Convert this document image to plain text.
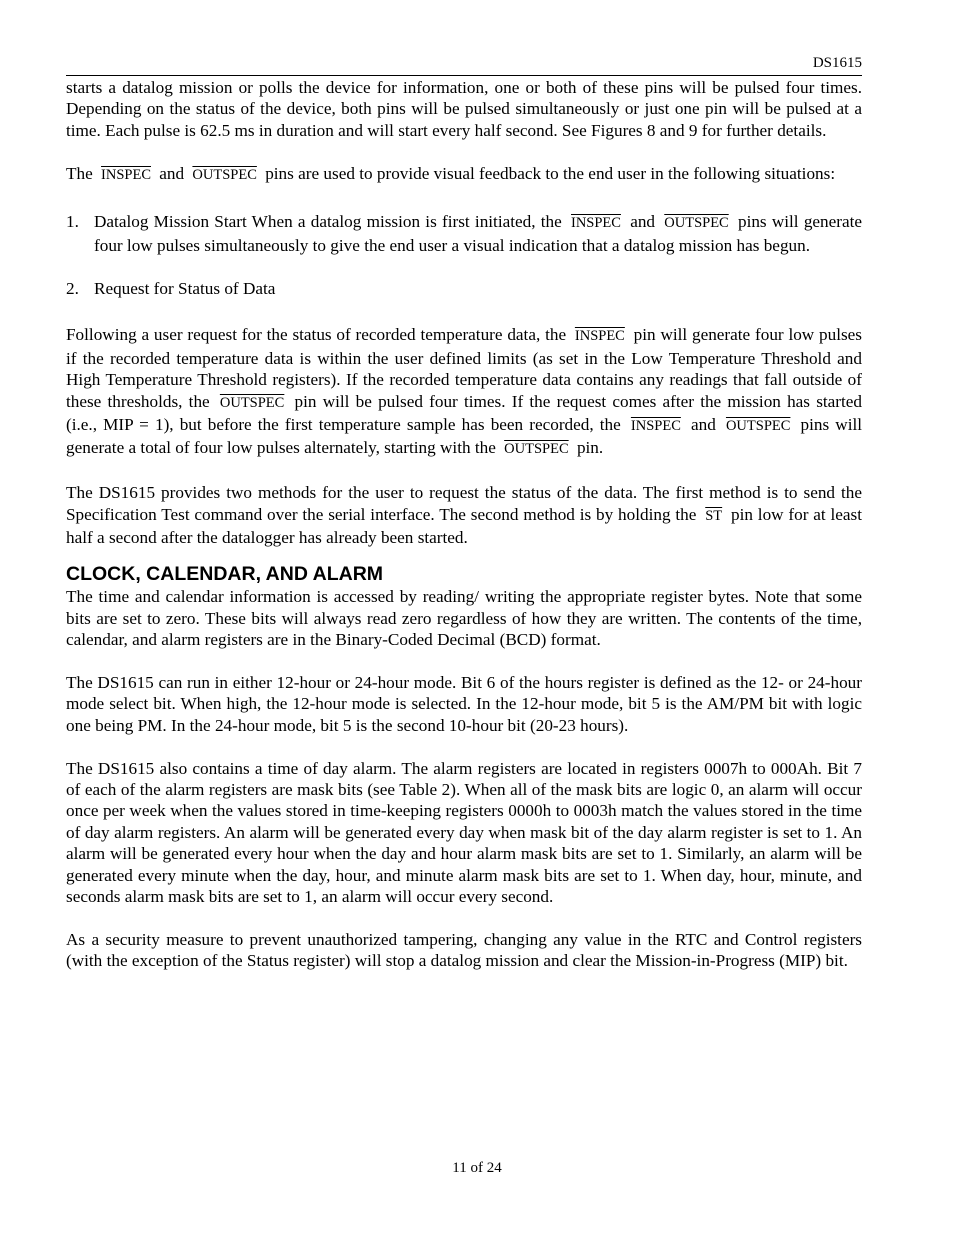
DS1615

starts a datalog mission or polls the device for information, one or both of these pins will be pulsed four times. Depending on the status of the device, both pins will be pulsed simultaneously or just one pin will be pulsed at a time. Each pulse is 62.5 ms in duration and will start every half second. See Figures 8 and 9 for further details.

The INSPEC and OUTSPEC pins are used to provide visual feedback to the end user in the following situations:

1. Datalog Mission Start When a datalog mission is first initiated, the INSPEC and OUTSPEC pins will generate four low pulses simultaneously to give the end user a visual indication that a datalog mission has begun.

2. Request for Status of Data

Following a user request for the status of recorded temperature data, the INSPEC pin will generate four low pulses if the recorded temperature data is within the user defined limits (as set in the Low Temperature Threshold and High Temperature Threshold registers). If the recorded temperature data contains any readings that fall outside of these thresholds, the OUTSPEC pin will be pulsed four times. If the request comes after the mission has started (i.e., MIP = 1), but before the first temperature sample has been recorded, the INSPEC and OUTSPEC pins will generate a total of four low pulses alternately, starting with the OUTSPEC pin.

The DS1615 provides two methods for the user to request the status of the data. The first method is to send the Specification Test command over the serial interface. The second method is by holding the $\overline{ST}$ pin low for at least half a second after the datalogger has already been started.

CLOCK, CALENDAR, AND ALARM

The time and calendar information is accessed by reading/ writing the appropriate register bytes. Note that some bits are set to zero. These bits will always read zero regardless of how they are written. The contents of the time, calendar, and alarm registers are in the Binary-Coded Decimal (BCD) format.

The DS1615 can run in either 12-hour or 24-hour mode. Bit 6 of the hours register is defined as the 12- or 24-hour mode select bit. When high, the 12-hour mode is selected. In the 12-hour mode, bit 5 is the AM/PM bit with logic one being PM. In the 24-hour mode, bit 5 is the second 10-hour bit (20-23 hours).

The DS1615 also contains a time of day alarm. The alarm registers are located in registers 0007h to 000Ah. Bit 7 of each of the alarm registers are mask bits (see Table 2). When all of the mask bits are logic 0, an alarm will occur once per week when the values stored in time-keeping registers 0000h to 0003h match the values stored in the time of day alarm registers. An alarm will be generated every day when mask bit of the day alarm register is set to 1. An alarm will be generated every hour when the day and hour alarm mask bits are set to 1. Similarly, an alarm will be generated every minute when the day, hour, and minute alarm mask bits are set to 1. When day, hour, minute, and seconds alarm mask bits are set to 1, an alarm will occur every second.

As a security measure to prevent unauthorized tampering, changing any value in the RTC and Control registers (with the exception of the Status register) will stop a datalog mission and clear the Mission-in-Progress (MIP) bit.

11 of 24
